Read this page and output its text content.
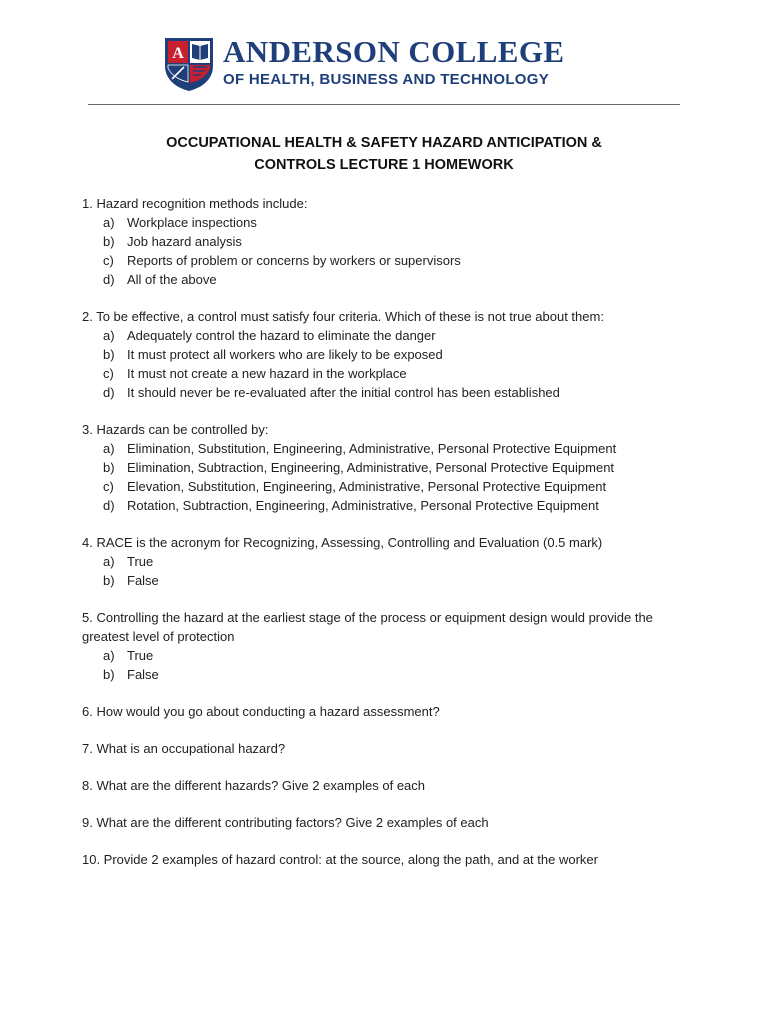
A ANDERSON COLLEGE
OF HEALTH, BUSINESS AND TECHNOLOGY
OCCUPATIONAL HEALTH & SAFETY HAZARD ANTICIPATION &
CONTROLS LECTURE 1 HOMEWORK
1. Hazard recognition methods include:
a) Workplace inspections
b) Job hazard analysis
c) Reports of problem or concerns by workers or supervisors
d) All of the above
2. To be effective, a control must satisfy four criteria. Which of these is not true about them:
a) Adequately control the hazard to eliminate the danger
b) It must protect all workers who are likely to be exposed
c) It must not create a new hazard in the workplace
d) It should never be re-evaluated after the initial control has been established
3. Hazards can be controlled by:
a) Elimination, Substitution, Engineering, Administrative, Personal Protective Equipment
b) Elimination, Subtraction, Engineering, Administrative, Personal Protective Equipment
c) Elevation, Substitution, Engineering, Administrative, Personal Protective Equipment
d) Rotation, Subtraction, Engineering, Administrative, Personal Protective Equipment
4. RACE is the acronym for Recognizing, Assessing, Controlling and Evaluation (0.5 mark)
a) True
b) False
5. Controlling the hazard at the earliest stage of the process or equipment design would provide the greatest level of protection
a) True
b) False
6. How would you go about conducting a hazard assessment?
7. What is an occupational hazard?
8. What are the different hazards? Give 2 examples of each
9. What are the different contributing factors? Give 2 examples of each
10. Provide 2 examples of hazard control: at the source, along the path, and at the worker
